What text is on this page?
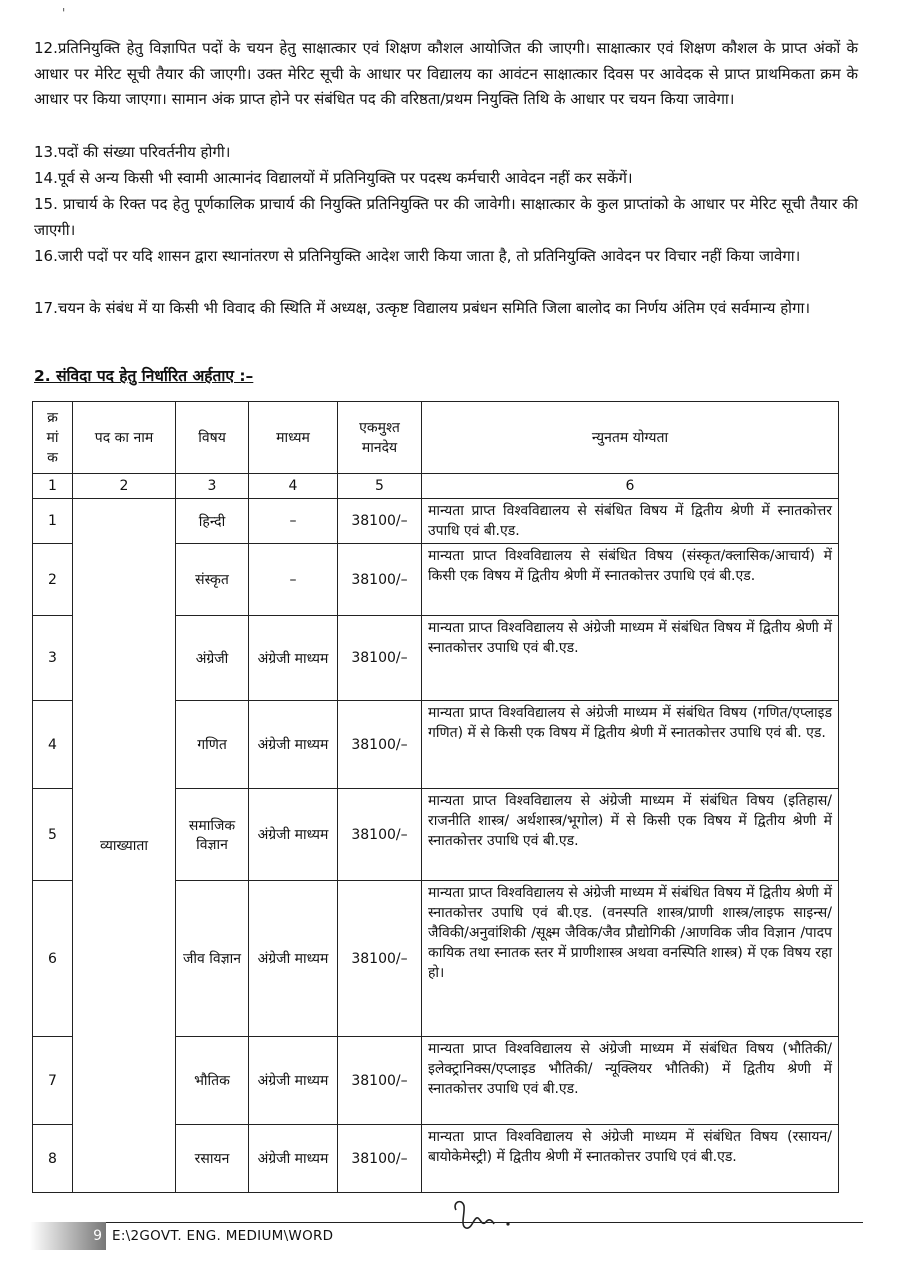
'
12.प्रतिनियुक्ति हेतु विज्ञापित पदों के चयन हेतु साक्षात्कार एवं शिक्षण कौशल आयोजित की जाएगी। साक्षात्कार एवं शिक्षण कौशल के प्राप्त अंकों के आधार पर मेरिट सूची तैयार की जाएगी। उक्त मेरिट सूची के आधार पर विद्यालय का आवंटन साक्षात्कार दिवस पर आवेदक से प्राप्त प्राथमिकता क्रम के आधार पर किया जाएगा। सामान अंक प्राप्त होने पर संबंधित पद की वरिष्ठता/प्रथम नियुक्ति तिथि के आधार पर चयन किया जावेगा।
13.पदों की संख्या परिवर्तनीय होगी।
14.पूर्व से अन्य किसी भी स्वामी आत्मानंद विद्यालयों में प्रतिनियुक्ति पर पदस्थ कर्मचारी आवेदन नहीं कर सकेंगें।
15. प्राचार्य के रिक्त पद हेतु पूर्णकालिक प्राचार्य की नियुक्ति प्रतिनियुक्ति पर की जावेगी। साक्षात्कार के कुल प्राप्तांको के आधार पर मेरिट सूची तैयार की जाएगी।
16.जारी पदों पर यदि शासन द्वारा स्थानांतरण से प्रतिनियुक्ति आदेश जारी किया जाता है, तो प्रतिनियुक्ति आवेदन पर विचार नहीं किया जावेगा।
17.चयन के संबंध में या किसी भी विवाद की स्थिति में अध्यक्ष, उत्कृष्ट विद्यालय प्रबंधन समिति जिला बालोद का निर्णय अंतिम एवं सर्वमान्य होगा।
2. संविदा पद हेतु निर्धारित अर्हताए :–
क्र मां क	पद का नाम	विषय	माध्यम	एकमुश्त मानदेय	न्युनतम योग्यता
1	2	3	4	5	6
1	व्याख्याता	हिन्दी	–	38100/–	मान्यता प्राप्त विश्वविद्यालय से संबंधित विषय में द्वितीय श्रेणी में स्नातकोत्तर उपाधि एवं बी.एड.
2		संस्कृत	–	38100/–	मान्यता प्राप्त विश्वविद्यालय से संबंधित विषय (संस्कृत/क्लासिक/आचार्य) में किसी एक विषय में द्वितीय श्रेणी में स्नातकोत्तर उपाधि एवं बी.एड.
3		अंग्रेजी	अंग्रेजी माध्यम	38100/–	मान्यता प्राप्त विश्वविद्यालय से अंग्रेजी माध्यम में संबंधित विषय में द्वितीय श्रेणी में स्नातकोत्तर उपाधि एवं बी.एड.
4		गणित	अंग्रेजी माध्यम	38100/–	मान्यता प्राप्त विश्वविद्यालय से अंग्रेजी माध्यम में संबंधित विषय (गणित/एप्लाइड गणित) में से किसी एक विषय में द्वितीय श्रेणी में स्नातकोत्तर उपाधि एवं बी. एड.
5		समाजिक विज्ञान	अंग्रेजी माध्यम	38100/–	मान्यता प्राप्त विश्वविद्यालय से अंग्रेजी माध्यम में संबंधित विषय (इतिहास/राजनीति शास्त्र/ अर्थशास्त्र/भूगोल) में से किसी एक विषय में द्वितीय श्रेणी में स्नातकोत्तर उपाधि एवं बी.एड.
6		जीव विज्ञान	अंग्रेजी माध्यम	38100/–	मान्यता प्राप्त विश्वविद्यालय से अंग्रेजी माध्यम में संबंधित विषय में द्वितीय श्रेणी में स्नातकोत्तर उपाधि एवं बी.एड. (वनस्पति शास्त्र/प्राणी शास्त्र/लाइफ साइन्स/ जैविकी/अनुवांशिकी /सूक्ष्म जैविक/जैव प्रौद्योगिकी /आणविक जीव विज्ञान /पादप कायिक तथा स्नातक स्तर में प्राणीशास्त्र अथवा वनस्पिति शास्त्र) में एक विषय रहा हो।
7		भौतिक	अंग्रेजी माध्यम	38100/–	मान्यता प्राप्त विश्वविद्यालय से अंग्रेजी माध्यम में संबंधित विषय (भौतिकी/इलेक्ट्रानिक्स/एप्लाइड भौतिकी/ न्यूक्लियर भौतिकी) में द्वितीय श्रेणी में स्नातकोत्तर उपाधि एवं बी.एड.
8		रसायन	अंग्रेजी माध्यम	38100/–	मान्यता प्राप्त विश्वविद्यालय से अंग्रेजी माध्यम में संबंधित विषय (रसायन/बायोकेमेस्ट्री) में द्वितीय श्रेणी में स्नातकोत्तर उपाधि एवं बी.एड.
9 E:\2GOVT. ENG. MEDIUM\WORD
